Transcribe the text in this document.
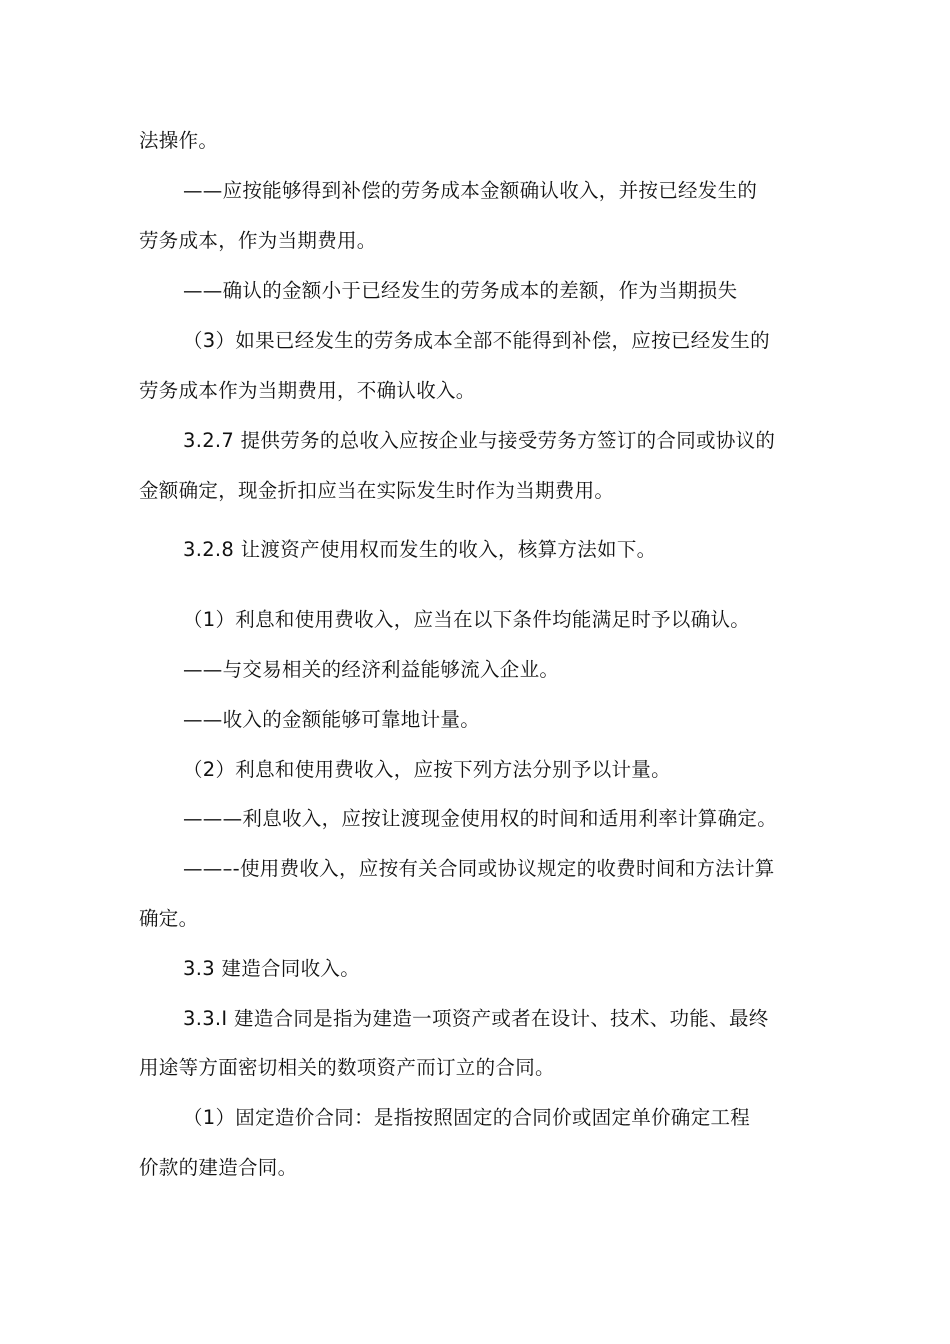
法操作。
——应按能够得到补偿的劳务成本金额确认收入，并按已经发生的
劳务成本，作为当期费用。
——确认的金额小于已经发生的劳务成本的差额，作为当期损失
（3）如果已经发生的劳务成本全部不能得到补偿，应按已经发生的
劳务成本作为当期费用，不确认收入。
3.2.7 提供劳务的总收入应按企业与接受劳务方签订的合同或协议的
金额确定，现金折扣应当在实际发生时作为当期费用。
3.2.8 让渡资产使用权而发生的收入，核算方法如下。
（1）利息和使用费收入，应当在以下条件均能满足时予以确认。
——与交易相关的经济利益能够流入企业。
——收入的金额能够可靠地计量。
（2）利息和使用费收入，应按下列方法分别予以计量。
———利息收入，应按让渡现金使用权的时间和适用利率计算确定。
——–-使用费收入，应按有关合同或协议规定的收费时间和方法计算
确定。
3.3 建造合同收入。
3.3.I 建造合同是指为建造一项资产或者在设计、技术、功能、最终
用途等方面密切相关的数项资产而订立的合同。
（1）固定造价合同：是指按照固定的合同价或固定单价确定工程
价款的建造合同。
